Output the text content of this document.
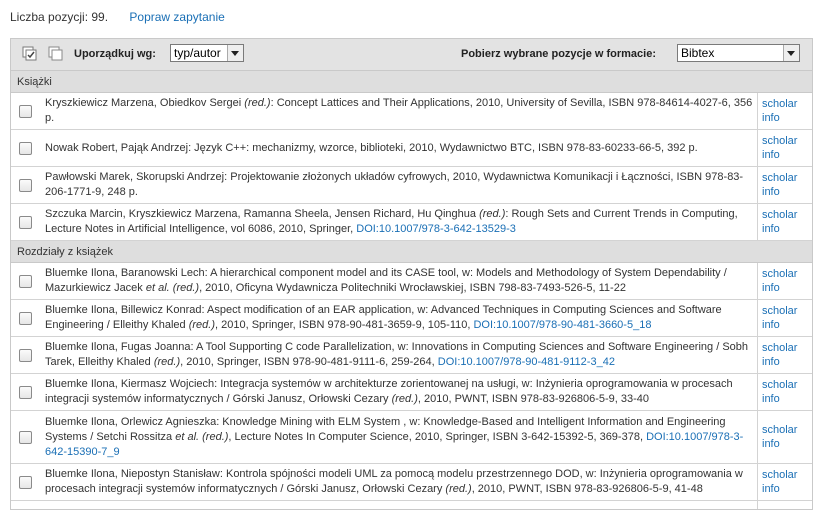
Liczba pozycji: 99. Popraw zapytanie
Uporządkuj wg:	typ/autor	Pobierz wybrane pozycje w formacie:	Bibtex
Książki
Kryszkiewicz Marzena, Obiedkov Sergei (red.): Concept Lattices and Their Applications, 2010, University of Sevilla, ISBN 978-84614-4027-6, 356 p.
scholar
info
Nowak Robert, Pająk Andrzej: Język C++: mechanizmy, wzorce, biblioteki, 2010, Wydawnictwo BTC, ISBN 978-83-60233-66-5, 392 p.
scholar
info
Pawłowski Marek, Skorupski Andrzej: Projektowanie złożonych układów cyfrowych, 2010, Wydawnictwa Komunikacji i Łączności, ISBN 978-83-206-1771-9, 248 p.
scholar
info
Szczuka Marcin, Kryszkiewicz Marzena, Ramanna Sheela, Jensen Richard, Hu Qinghua (red.): Rough Sets and Current Trends in Computing, Lecture Notes in Artificial Intelligence, vol 6086, 2010, Springer, DOI:10.1007/978-3-642-13529-3
scholar
info
Rozdziały z książek
Bluemke Ilona, Baranowski Lech: A hierarchical component model and its CASE tool, w: Models and Methodology of System Dependability / Mazurkiewicz Jacek et al. (red.), 2010, Oficyna Wydawnicza Politechniki Wrocławskiej, ISBN 798-83-7493-526-5, 11-22
scholar
info
Bluemke Ilona, Billewicz Konrad: Aspect modification of an EAR application, w: Advanced Techniques in Computing Sciences and Software Engineering / Elleithy Khaled (red.), 2010, Springer, ISBN 978-90-481-3659-9, 105-110, DOI:10.1007/978-90-481-3660-5_18
scholar
info
Bluemke Ilona, Fugas Joanna: A Tool Supporting C code Parallelization, w: Innovations in Computing Sciences and Software Engineering / Sobh Tarek, Elleithy Khaled (red.), 2010, Springer, ISBN 978-90-481-9111-6, 259-264, DOI:10.1007/978-90-481-9112-3_42
scholar
info
Bluemke Ilona, Kiermasz Wojciech: Integracja systemów w architekturze zorientowanej na usługi, w: Inżynieria oprogramowania w procesach integracji systemów informatycznych / Górski Janusz, Orłowski Cezary (red.), 2010, PWNT, ISBN 978-83-926806-5-9, 33-40
scholar
info
Bluemke Ilona, Orlewicz Agnieszka: Knowledge Mining with ELM System , w: Knowledge-Based and Intelligent Information and Engineering Systems / Setchi Rossitza et al. (red.), Lecture Notes In Computer Science, 2010, Springer, ISBN 3-642-15392-5, 369-378, DOI:10.1007/978-3-642-15390-7_9
scholar
info
Bluemke Ilona, Niepostyn Stanisław: Kontrola spójności modeli UML za pomocą modelu przestrzennego DOD, w: Inżynieria oprogramowania w procesach integracji systemów informatycznych / Górski Janusz, Orłowski Cezary (red.), 2010, PWNT, ISBN 978-83-926806-5-9, 41-48
scholar
info
